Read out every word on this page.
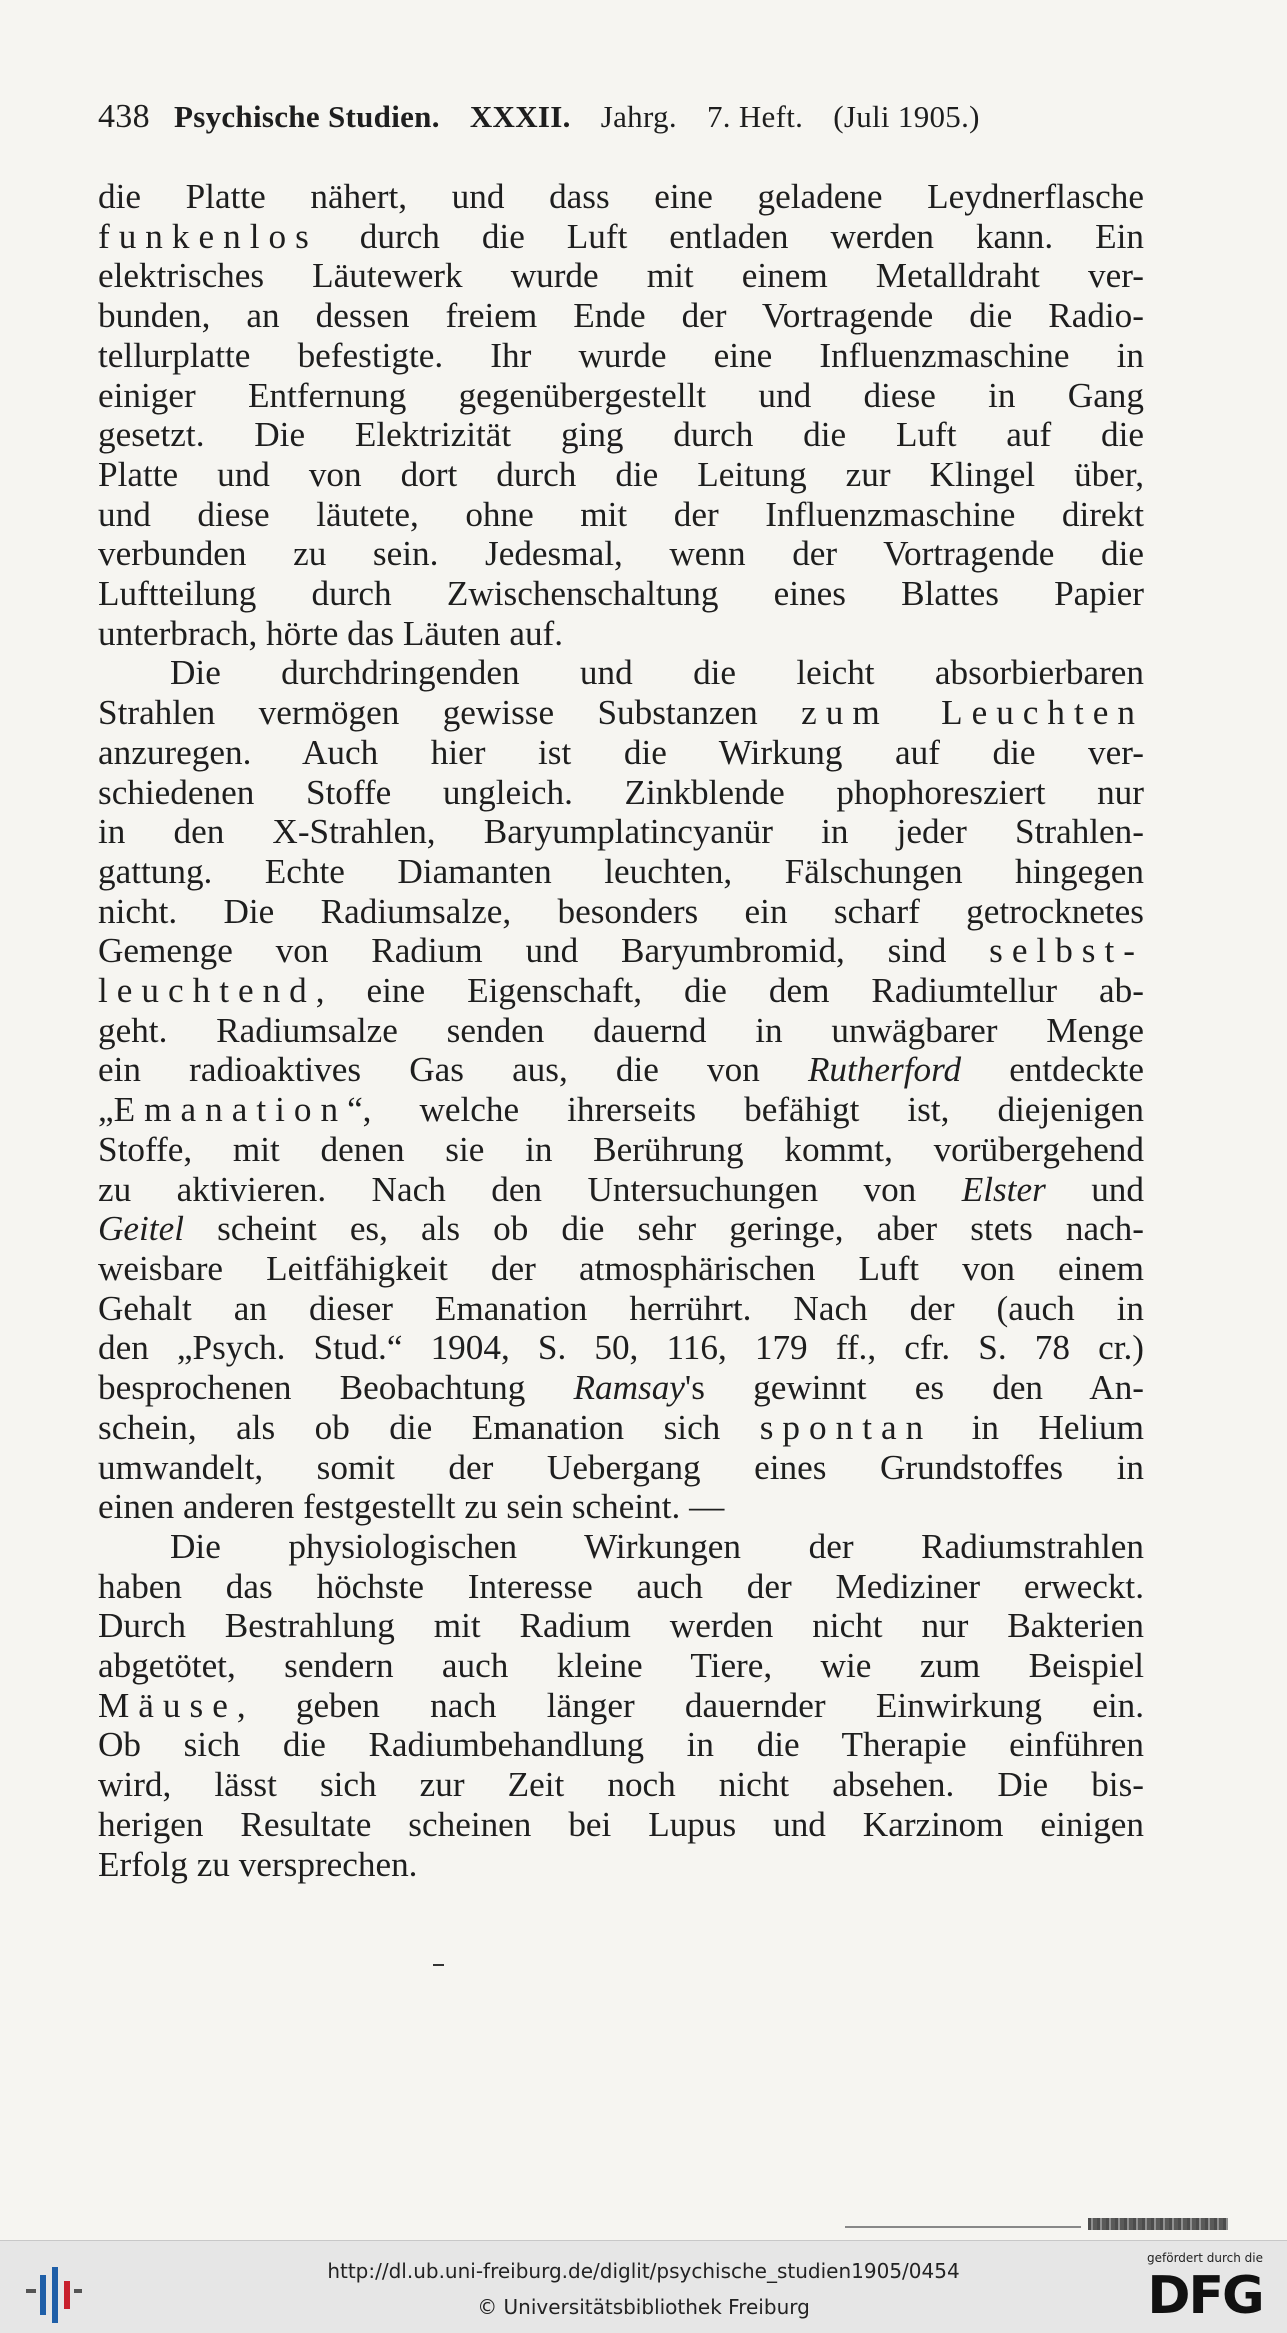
438 Psychische Studien. XXXII. Jahrg. 7. Heft. (Juli 1905.)
die Platte nähert, und dass eine geladene Leydnerflasche
funkenlos durch die Luft entladen werden kann. Ein
elektrisches Läutewerk wurde mit einem Metalldraht ver-
bunden, an dessen freiem Ende der Vortragende die Radio-
tellurplatte befestigte. Ihr wurde eine Influenzmaschine in
einiger Entfernung gegenübergestellt und diese in Gang
gesetzt. Die Elektrizität ging durch die Luft auf die
Platte und von dort durch die Leitung zur Klingel über,
und diese läutete, ohne mit der Influenzmaschine direkt
verbunden zu sein. Jedesmal, wenn der Vortragende die
Luftteilung durch Zwischenschaltung eines Blattes Papier
unterbrach, hörte das Läuten auf.
Die durchdringenden und die leicht absorbierbaren
Strahlen vermögen gewisse Substanzen zum Leuchten
anzuregen. Auch hier ist die Wirkung auf die ver-
schiedenen Stoffe ungleich. Zinkblende phophoresziert nur
in den X-Strahlen, Baryumplatincyanür in jeder Strahlen-
gattung. Echte Diamanten leuchten, Fälschungen hingegen
nicht. Die Radiumsalze, besonders ein scharf getrocknetes
Gemenge von Radium und Baryumbromid, sind selbst-
leuchtend, eine Eigenschaft, die dem Radiumtellur ab-
geht. Radiumsalze senden dauernd in unwägbarer Menge
ein radioaktives Gas aus, die von Rutherford entdeckte
„Emanation“, welche ihrerseits befähigt ist, diejenigen
Stoffe, mit denen sie in Berührung kommt, vorübergehend
zu aktivieren. Nach den Untersuchungen von Elster und
Geitel scheint es, als ob die sehr geringe, aber stets nach-
weisbare Leitfähigkeit der atmosphärischen Luft von einem
Gehalt an dieser Emanation herrührt. Nach der (auch in
den „Psych. Stud.“ 1904, S. 50, 116, 179 ff., cfr. S. 78 cr.)
besprochenen Beobachtung Ramsay's gewinnt es den An-
schein, als ob die Emanation sich spontan in Helium
umwandelt, somit der Uebergang eines Grundstoffes in
einen anderen festgestellt zu sein scheint. —
Die physiologischen Wirkungen der Radiumstrahlen
haben das höchste Interesse auch der Mediziner erweckt.
Durch Bestrahlung mit Radium werden nicht nur Bakterien
abgetötet, sendern auch kleine Tiere, wie zum Beispiel
Mäuse, geben nach länger dauernder Einwirkung ein.
Ob sich die Radiumbehandlung in die Therapie einführen
wird, lässt sich zur Zeit noch nicht absehen. Die bis-
herigen Resultate scheinen bei Lupus und Karzinom einigen
Erfolg zu versprechen.
http://dl.ub.uni-freiburg.de/diglit/psychische_studien1905/0454
© Universitätsbibliothek Freiburg
gefördert durch die
DFG
